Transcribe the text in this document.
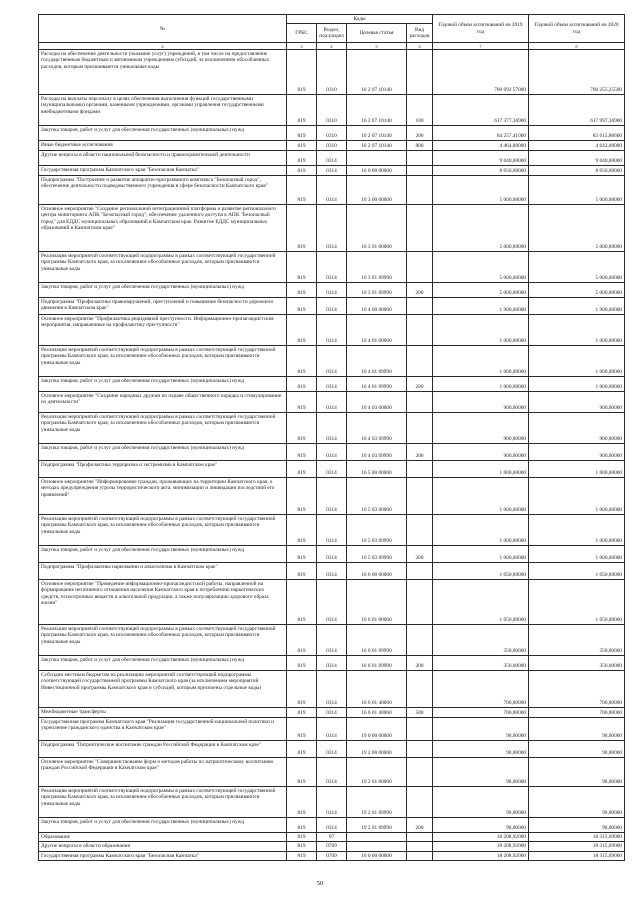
№	Коды				Годовой объем ассигнований на 2019 год	Годовой объем ассигнований на 2020 год
	ГРБС	Раздел, под-раздел	Целевая статья	Вид расходов		
2	3	4	5	6	7	8
Расходы на обеспечение деятельности (оказание услуг) учреждений, в том числе на предоставление государственным бюджетным и автономным учреждениям субсидий, за исключением обособленных расходов, которым присваиваются уникальные коды	819	0310	16 2 07 10140		700 092 57000	700 255,25500
Расходы на выплаты персоналу в целях обеспечения выполнения функций государственными (муниципальными) органами, казенными учреждениями, органами управления государственными внебюджетными фондами	819	0310	16 2 07 10140	100	617 377,36900	617 997,36900
Закупка товаров, работ и услуг для обеспечения государственных (муниципальных) нужд	819	0310	16 2 07 10140	200	84 257,41000	83 615,88600
Иные бюджетные ассигнования	819	0310	16 2 07 10140	800	4 464,80000	4 642,00000
Другие вопросы в области национальной безопасности и правоохранительной деятельности	819	0314			9 040,00000	9 040,00000
Государственная программа Камчатского края "Безопасная Камчатка"	819	0314	16 0 00 00000		8 050,00000	8 050,00000
Подпрограмма "Построение и развитие аппаратно-программного комплекса "Безопасный город", обеспечение деятельности подведомственного учреждения в сфере безопасности Камчатского края"	819	0314	16 3 00 00000		5 000,00000	5 000,00000
Основное мероприятие "Создание региональной интеграционной платформы и развитие регионального центра мониторинга АПК "Безопасный город", обеспечение удаленного доступа к АПК "Безопасный город" для ЕДДС муниципальных образований в Камчатском крае. Развитие ЕДДС муниципальных образований в Камчатском крае"	819	0314	16 3 01 00000		5 000,00000	5 000,00000
Реализация мероприятий соответствующей подпрограммы в рамках соответствующей государственной программы Камчатского края, за исключением обособленных расходов, которым присваиваются уникальные коды	819	0314	16 3 01 09990		5 000,00000	5 000,00000
Закупка товаров, работ и услуг для обеспечения государственных (муниципальных) нужд	819	0314	16 3 01 09990	200	5 000,00000	5 000,00000
Подпрограмма "Профилактика правонарушений, преступлений и повышение безопасности дорожного движения в Камчатском крае"	819	0314	16 4 00 00000		1 900,00000	1 900,00000
Основное мероприятие "Профилактика рецидивной преступности. Информационно-пропагандистские мероприятия, направленные на профилактику преступности"	819	0314	16 4 01 00000		1 000,00000	1 000,00000
Реализация мероприятий соответствующей подпрограммы в рамках соответствующей государственной программы Камчатского края, за исключением обособленных расходов, которым присваиваются уникальные коды	819	0314	16 4 01 09990		1 000,00000	1 000,00000
Закупка товаров, работ и услуг для обеспечения государственных (муниципальных) нужд	819	0314	16 4 01 09990	200	1 000,00000	1 000,00000
Основное мероприятие "Создание народных дружин по охране общественного порядка и стимулирование их деятельности"	819	0314	16 4 03 00000		900,00000	900,00000
Реализация мероприятий соответствующей подпрограммы в рамках соответствующей государственной программы Камчатского края, за исключением обособленных расходов, которым присваиваются уникальные коды	819	0314	16 4 03 09990		900,00000	900,00000
Закупка товаров, работ и услуг для обеспечения государственных (муниципальных) нужд	819	0314	16 4 03 09990	200	900,00000	900,00000
Подпрограмма "Профилактика терроризма и экстремизма в Камчатском крае"	819	0314	16 5 00 00000		1 000,00000	1 000,00000
Основное мероприятие "Информирование граждан, проживающих на территории Камчатского края, о методах предупреждения угрозы террористического акта, минимизации и ликвидации последствий его проявлений"	819	0314	16 5 03 00000		1 000,00000	1 000,00000
Реализация мероприятий соответствующей подпрограммы в рамках соответствующей государственной программы Камчатского края, за исключением обособленных расходов, которым присваиваются уникальные коды	819	0314	16 5 03 09990		1 000,00000	1 000,00000
Закупка товаров, работ и услуг для обеспечения государственных (муниципальных) нужд	819	0314	16 5 03 09990	200	1 000,00000	1 000,00000
Подпрограмма "Профилактика наркомании и алкоголизма в Камчатском крае"	819	0314	16 6 00 00000		1 050,00000	1 050,00000
Основное мероприятие "Проведение информационно-пропагандистской работы, направленной на формирование негативного отношения населения Камчатского края к потреблению наркотических средств, психотропных веществ и алкогольной продукции, а также популяризацию здорового образа жизни"	819	0314	16 6 01 00000		1 050,00000	1 050,00000
Реализация мероприятий соответствующей подпрограммы в рамках соответствующей государственной программы Камчатского края, за исключением обособленных расходов, которым присваиваются уникальные коды	819	0314	16 6 01 09990		350,00000	350,00000
Закупка товаров, работ и услуг для обеспечения государственных (муниципальных) нужд	819	0314	16 6 01 09990	200	350,00000	350,00000
Субсидии местным бюджетам на реализацию мероприятий соответствующей подпрограммы соответствующей государственной программы Камчатского края (за исключением мероприятий Инвестиционной программы Камчатского края и субсидий, которым присвоены отдельные коды)	819	0314	16 6 01 40060		700,00000	700,00000
Межбюджетные трансферты	819	0314	16 6 01 40060	500	700,00000	700,00000
Государственная программа Камчатского края "Реализация государственной национальной политики и укрепление гражданского единства в Камчатском крае"	819	0314	19 0 00 00000		90,00000	90,00000
Подпрограмма "Патриотическое воспитание граждан Российской Федерации в Камчатском крае"	819	0314	19 2 00 00000		90,00000	90,00000
Основное мероприятие "Совершенствование форм и методов работы по патриотическому воспитанию граждан Российской Федерации в Камчатском крае"	819	0314	19 2 01 00000		90,00000	90,00000
Реализация мероприятий соответствующей подпрограммы в рамках соответствующей государственной программы Камчатского края, за исключением обособленных расходов, которым присваиваются уникальные коды	819	0314	19 2 01 09990		90,00000	90,00000
Закупка товаров, работ и услуг для обеспечения государственных (муниципальных) нужд	819	0314	19 2 01 09990	200	90,00000	90,00000
Образование	819	07			18 208,92000	18 315,69000
Другие вопросы в области образования	819	0709			18 208,92000	18 315,69000
Государственная программа Камчатского края "Безопасная Камчатка"	819	0709	16 0 00 00000		18 208,92000	18 315,69000
50
